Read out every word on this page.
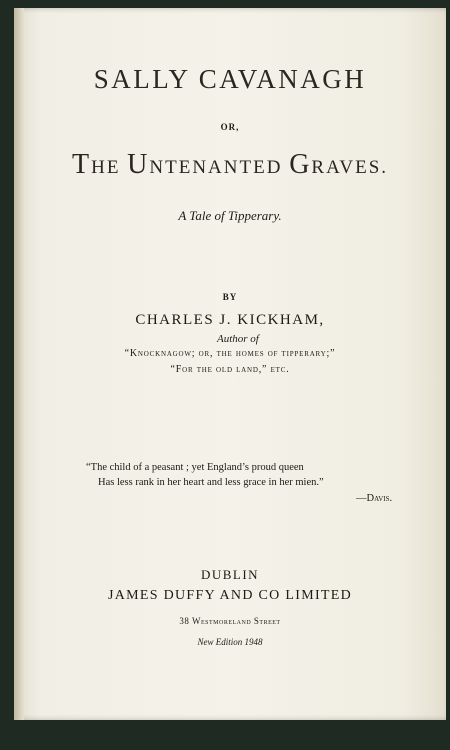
SALLY CAVANAGH
OR,
THE UNTENANTED GRAVES.
A Tale of Tipperary.
BY
CHARLES J. KICKHAM,
Author of
“Knocknagow; or, the homes of tipperary;”
“For the old land,” etc.
“The child of a peasant ; yet England’s proud queen
Has less rank in her heart and less grace in her mien.”
—Davis.
DUBLIN
JAMES DUFFY AND CO LIMITED
38 Westmoreland Street
New Edition 1948
